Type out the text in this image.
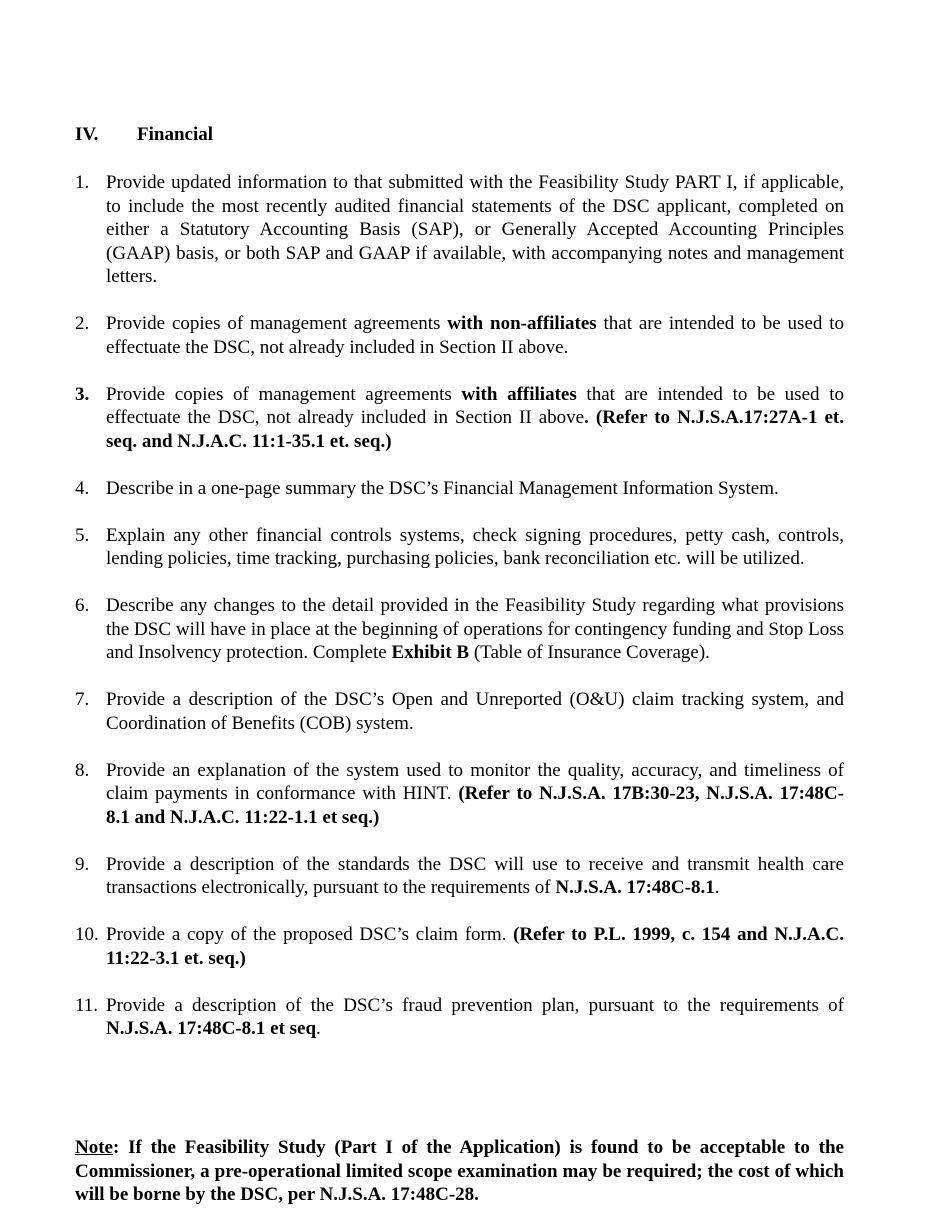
IV. Financial
1. Provide updated information to that submitted with the Feasibility Study PART I, if applicable, to include the most recently audited financial statements of the DSC applicant, completed on either a Statutory Accounting Basis (SAP), or Generally Accepted Accounting Principles (GAAP) basis, or both SAP and GAAP if available, with accompanying notes and management letters.
2. Provide copies of management agreements with non-affiliates that are intended to be used to effectuate the DSC, not already included in Section II above.
3. Provide copies of management agreements with affiliates that are intended to be used to effectuate the DSC, not already included in Section II above. (Refer to N.J.S.A.17:27A-1 et. seq. and N.J.A.C. 11:1-35.1 et. seq.)
4. Describe in a one-page summary the DSC’s Financial Management Information System.
5. Explain any other financial controls systems, check signing procedures, petty cash, controls, lending policies, time tracking, purchasing policies, bank reconciliation etc. will be utilized.
6. Describe any changes to the detail provided in the Feasibility Study regarding what provisions the DSC will have in place at the beginning of operations for contingency funding and Stop Loss and Insolvency protection. Complete Exhibit B (Table of Insurance Coverage).
7. Provide a description of the DSC’s Open and Unreported (O&U) claim tracking system, and Coordination of Benefits (COB) system.
8. Provide an explanation of the system used to monitor the quality, accuracy, and timeliness of claim payments in conformance with HINT. (Refer to N.J.S.A. 17B:30-23, N.J.S.A. 17:48C-8.1 and N.J.A.C. 11:22-1.1 et seq.)
9. Provide a description of the standards the DSC will use to receive and transmit health care transactions electronically, pursuant to the requirements of N.J.S.A. 17:48C-8.1.
10. Provide a copy of the proposed DSC’s claim form. (Refer to P.L. 1999, c. 154 and N.J.A.C. 11:22-3.1 et. seq.)
11. Provide a description of the DSC’s fraud prevention plan, pursuant to the requirements of N.J.S.A. 17:48C-8.1 et seq.
Note: If the Feasibility Study (Part I of the Application) is found to be acceptable to the Commissioner, a pre-operational limited scope examination may be required; the cost of which will be borne by the DSC, per N.J.S.A. 17:48C-28.
